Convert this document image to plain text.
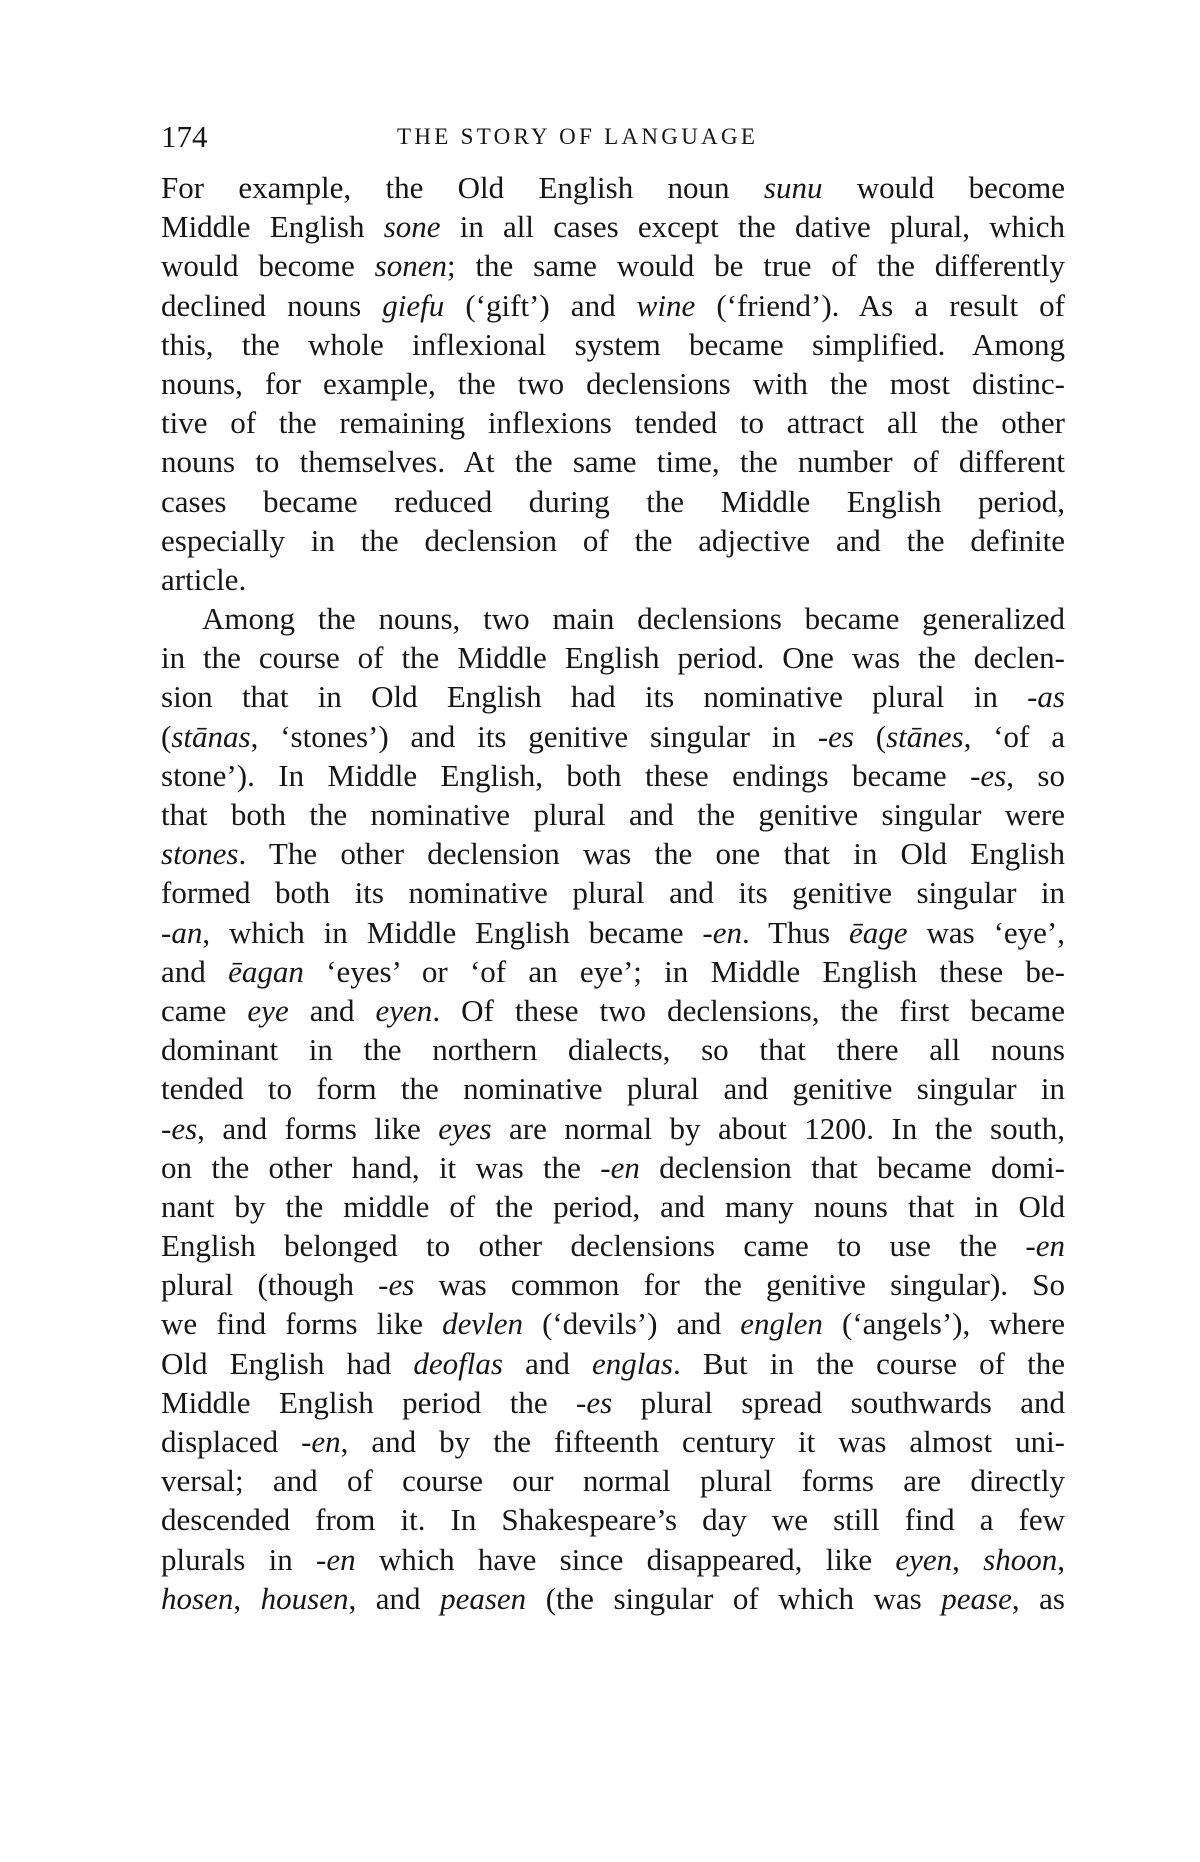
174	THE STORY OF LANGUAGE
For example, the Old English noun sunu would become
Middle English sone in all cases except the dative plural, which
would become sonen; the same would be true of the differently
declined nouns giefu (‘gift’) and wine (‘friend’). As a result of
this, the whole inflexional system became simplified. Among
nouns, for example, the two declensions with the most distinc-
tive of the remaining inflexions tended to attract all the other
nouns to themselves. At the same time, the number of different
cases became reduced during the Middle English period,
especially in the declension of the adjective and the definite
article.
Among the nouns, two main declensions became generalized
in the course of the Middle English period. One was the declen-
sion that in Old English had its nominative plural in -as
(stānas, ‘stones’) and its genitive singular in -es (stānes, ‘of a
stone’). In Middle English, both these endings became -es, so
that both the nominative plural and the genitive singular were
stones. The other declension was the one that in Old English
formed both its nominative plural and its genitive singular in
-an, which in Middle English became -en. Thus ēage was ‘eye’,
and ēagan ‘eyes’ or ‘of an eye’; in Middle English these be-
came eye and eyen. Of these two declensions, the first became
dominant in the northern dialects, so that there all nouns
tended to form the nominative plural and genitive singular in
-es, and forms like eyes are normal by about 1200. In the south,
on the other hand, it was the -en declension that became domi-
nant by the middle of the period, and many nouns that in Old
English belonged to other declensions came to use the -en
plural (though -es was common for the genitive singular). So
we find forms like devlen (‘devils’) and englen (‘angels’), where
Old English had deoflas and englas. But in the course of the
Middle English period the -es plural spread southwards and
displaced -en, and by the fifteenth century it was almost uni-
versal; and of course our normal plural forms are directly
descended from it. In Shakespeare’s day we still find a few
plurals in -en which have since disappeared, like eyen, shoon,
hosen, housen, and peasen (the singular of which was pease, as
